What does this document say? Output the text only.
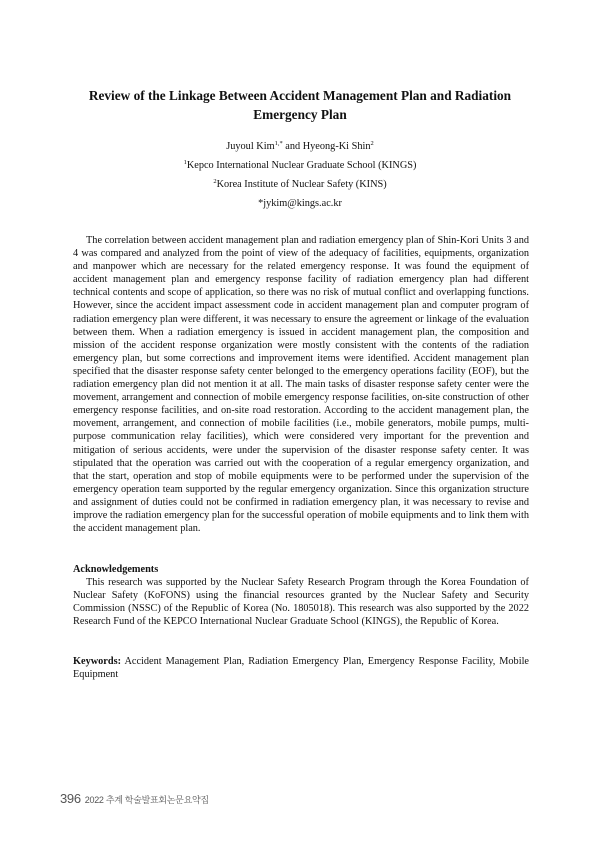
Review of the Linkage Between Accident Management Plan and Radiation
Emergency Plan
Juyoul Kim$^{1,*}$ and Hyeong-Ki Shin$^2$
$^1$Kepco International Nuclear Graduate School (KINGS)
$^2$Korea Institute of Nuclear Safety (KINS)
*jykim@kings.ac.kr

The correlation between accident management plan and radiation emergency plan of Shin-Kori Units 3 and 4 was compared and analyzed from the point of view of the adequacy of facilities, equipments, organization and manpower which are necessary for the related emergency response. It was found the equipment of accident management plan and emergency response facility of radiation emergency plan had different technical contents and scope of application, so there was no risk of mutual conflict and overlapping functions. However, since the accident impact assessment code in accident management plan and computer program of radiation emergency plan were different, it was necessary to ensure the agreement or linkage of the evaluation between them. When a radiation emergency is issued in accident management plan, the composition and mission of the accident response organization were mostly consistent with the contents of the radiation emergency plan, but some corrections and improvement items were identified. Accident management plan specified that the disaster response safety center belonged to the emergency operations facility (EOF), but the radiation emergency plan did not mention it at all. The main tasks of disaster response safety center were the movement, arrangement and connection of mobile emergency response facilities, on-site construction of other emergency response facilities, and on-site road restoration. According to the accident management plan, the movement, arrangement, and connection of mobile facilities (i.e., mobile generators, mobile pumps, multi-purpose communication relay facilities), which were considered very important for the prevention and mitigation of serious accidents, were under the supervision of the disaster response safety center. It was stipulated that the operation was carried out with the cooperation of a regular emergency organization, and that the start, operation and stop of mobile equipments were to be performed under the supervision of the emergency operation team supported by the regular emergency organization. Since this organization structure and assignment of duties could not be confirmed in radiation emergency plan, it was necessary to revise and improve the radiation emergency plan for the successful operation of mobile equipments and to link them with the accident management plan.

Acknowledgements

This research was supported by the Nuclear Safety Research Program through the Korea Foundation of Nuclear Safety (KoFONS) using the financial resources granted by the Nuclear Safety and Security Commission (NSSC) of the Republic of Korea (No. 1805018). This research was also supported by the 2022 Research Fund of the KEPCO International Nuclear Graduate School (KINGS), the Republic of Korea.

Keywords: Accident Management Plan, Radiation Emergency Plan, Emergency Response Facility, Mobile Equipment

396 2022 추계 학술발표회논문요약집
